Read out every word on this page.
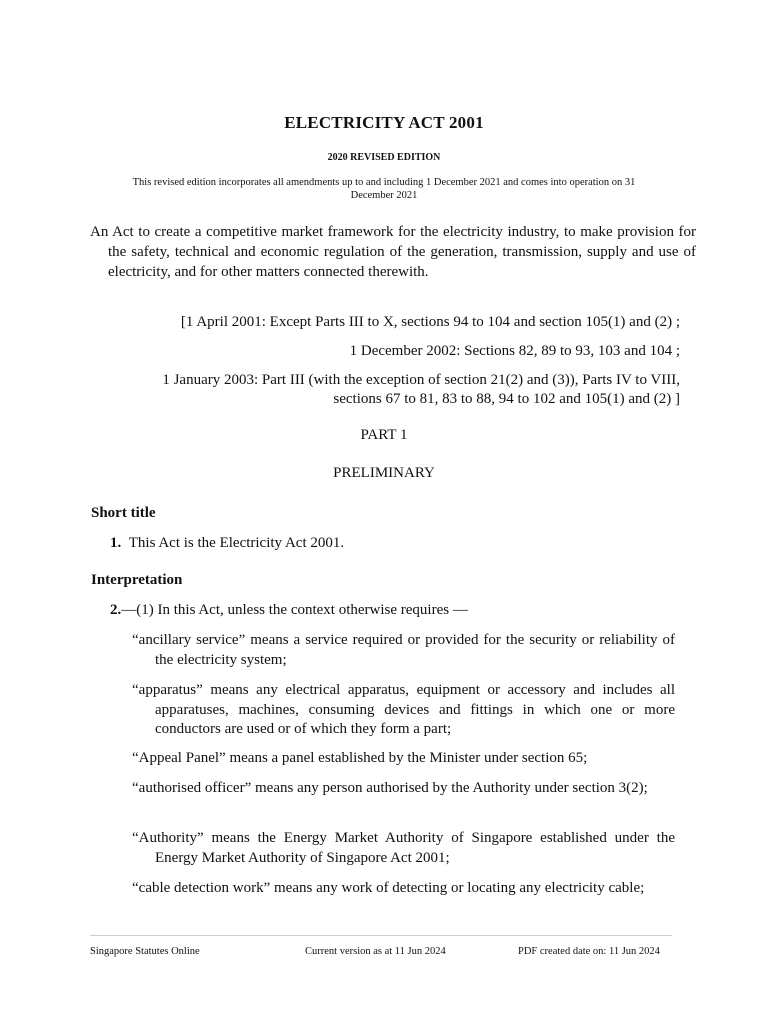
ELECTRICITY ACT 2001
2020 REVISED EDITION
This revised edition incorporates all amendments up to and including 1 December 2021 and comes into operation on 31 December 2021
An Act to create a competitive market framework for the electricity industry, to make provision for the safety, technical and economic regulation of the generation, transmission, supply and use of electricity, and for other matters connected therewith.
[1 April 2001: Except Parts III to X, sections 94 to 104 and section 105(1) and (2) ;
1 December 2002: Sections 82, 89 to 93, 103 and 104 ;
1 January 2003: Part III (with the exception of section 21(2) and (3)), Parts IV to VIII,
sections 67 to 81, 83 to 88, 94 to 102 and 105(1) and (2) ]
PART 1
PRELIMINARY
Short title
1. This Act is the Electricity Act 2001.
Interpretation
2.—(1) In this Act, unless the context otherwise requires —
“ancillary service” means a service required or provided for the security or reliability of the electricity system;
“apparatus” means any electrical apparatus, equipment or accessory and includes all apparatuses, machines, consuming devices and fittings in which one or more conductors are used or of which they form a part;
“Appeal Panel” means a panel established by the Minister under section 65;
“authorised officer” means any person authorised by the Authority under section 3(2);
“Authority” means the Energy Market Authority of Singapore established under the Energy Market Authority of Singapore Act 2001;
“cable detection work” means any work of detecting or locating any electricity cable;
Singapore Statutes Online	Current version as at 11 Jun 2024	PDF created date on: 11 Jun 2024
